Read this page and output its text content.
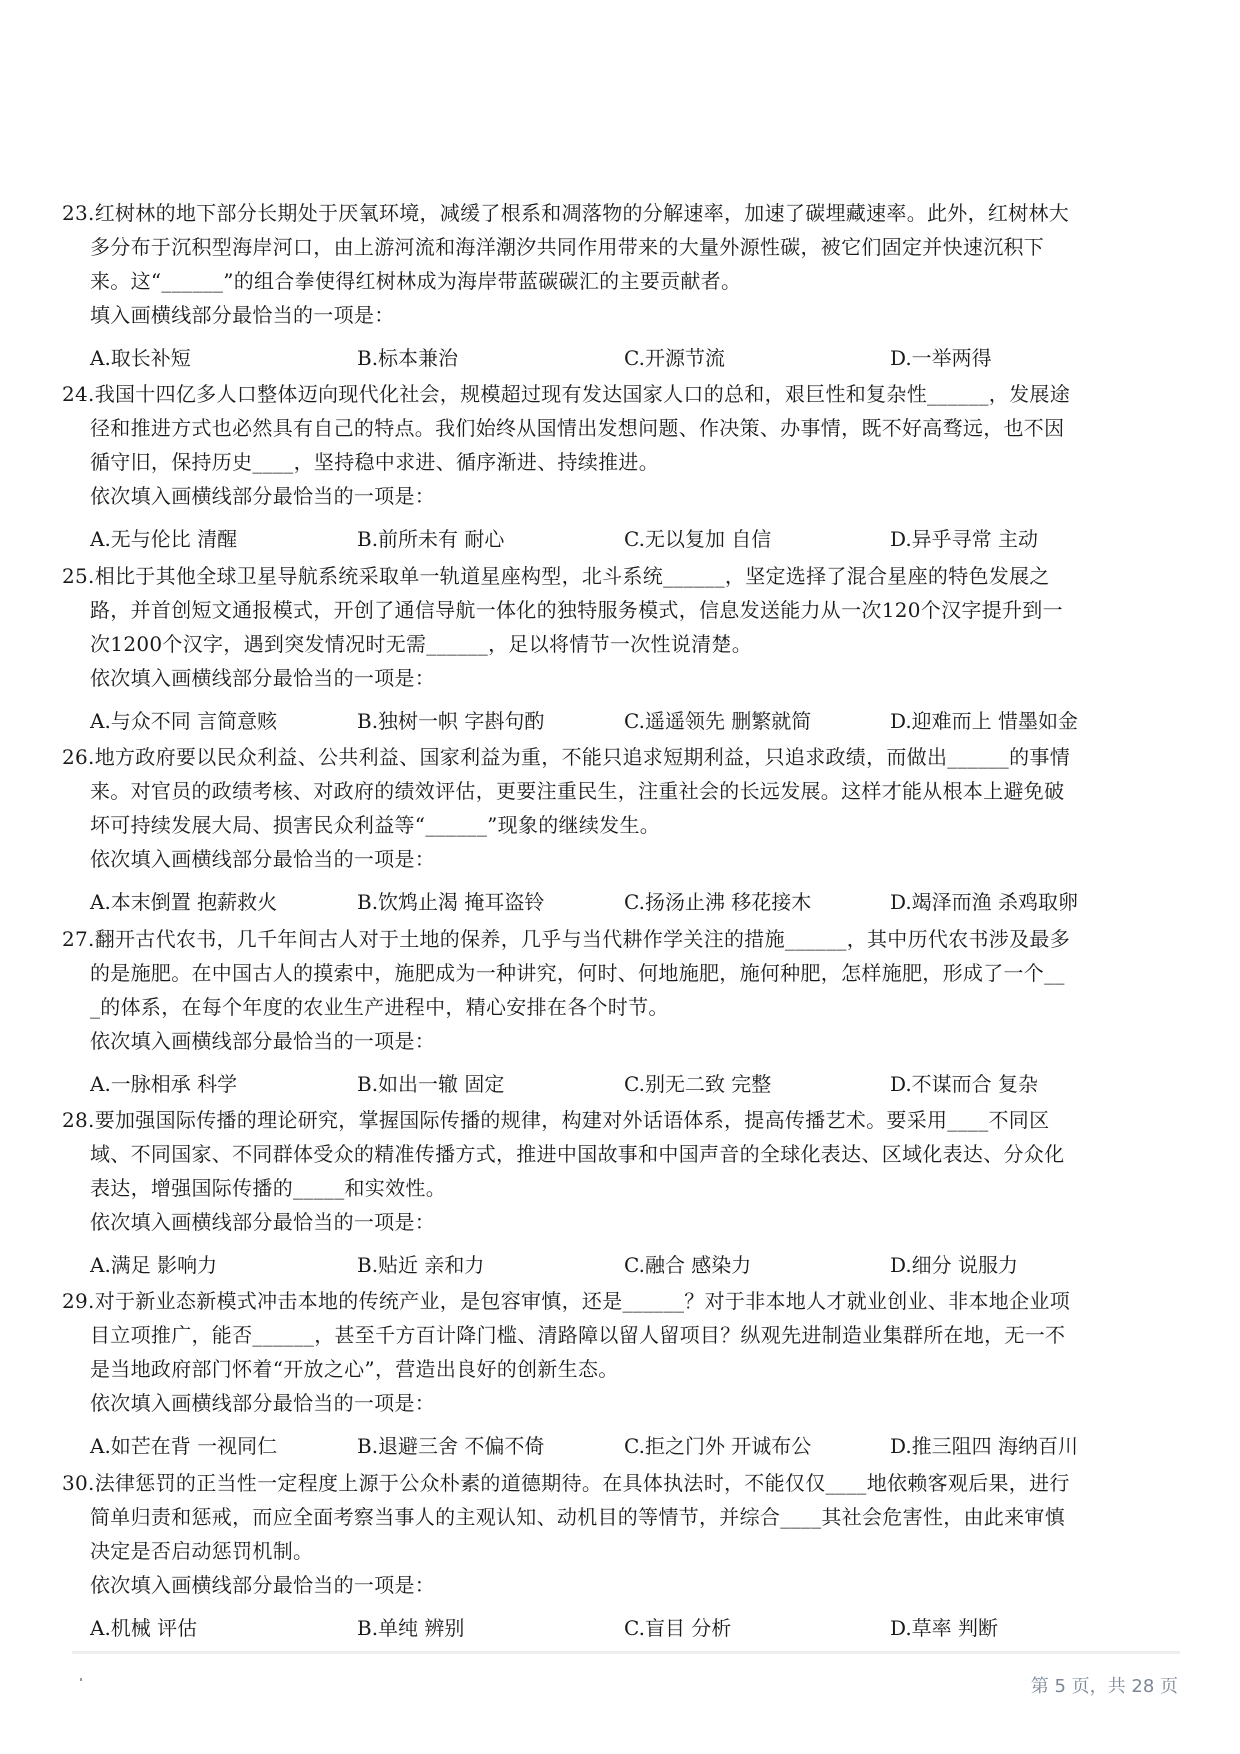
23.红树林的地下部分长期处于厌氧环境，减缓了根系和凋落物的分解速率，加速了碳埋藏速率。此外，红树林大
多分布于沉积型海岸河口，由上游河流和海洋潮汐共同作用带来的大量外源性碳，被它们固定并快速沉积下
来。这“______”的组合拳使得红树林成为海岸带蓝碳碳汇的主要贡献者。
填入画横线部分最恰当的一项是：
A.取长补短	B.标本兼治	C.开源节流	D.一举两得
24.我国十四亿多人口整体迈向现代化社会，规模超过现有发达国家人口的总和，艰巨性和复杂性______，发展途
径和推进方式也必然具有自己的特点。我们始终从国情出发想问题、作决策、办事情，既不好高骛远，也不因
循守旧，保持历史____，坚持稳中求进、循序渐进、持续推进。
依次填入画横线部分最恰当的一项是：
A.无与伦比 清醒	B.前所未有 耐心	C.无以复加 自信	D.异乎寻常 主动
25.相比于其他全球卫星导航系统采取单一轨道星座构型，北斗系统______，坚定选择了混合星座的特色发展之
路，并首创短文通报模式，开创了通信导航一体化的独特服务模式，信息发送能力从一次120个汉字提升到一
次1200个汉字，遇到突发情况时无需______，足以将情节一次性说清楚。
依次填入画横线部分最恰当的一项是：
A.与众不同 言简意赅	B.独树一帜 字斟句酌	C.遥遥领先 删繁就简	D.迎难而上 惜墨如金
26.地方政府要以民众利益、公共利益、国家利益为重，不能只追求短期利益，只追求政绩，而做出______的事情
来。对官员的政绩考核、对政府的绩效评估，更要注重民生，注重社会的长远发展。这样才能从根本上避免破
坏可持续发展大局、损害民众利益等“______”现象的继续发生。
依次填入画横线部分最恰当的一项是：
A.本末倒置 抱薪救火	B.饮鸩止渴 掩耳盗铃	C.扬汤止沸 移花接木	D.竭泽而渔 杀鸡取卵
27.翻开古代农书，几千年间古人对于土地的保养，几乎与当代耕作学关注的措施______，其中历代农书涉及最多
的是施肥。在中国古人的摸索中，施肥成为一种讲究，何时、何地施肥，施何种肥，怎样施肥，形成了一个__
_的体系，在每个年度的农业生产进程中，精心安排在各个时节。
依次填入画横线部分最恰当的一项是：
A.一脉相承 科学	B.如出一辙 固定	C.别无二致 完整	D.不谋而合 复杂
28.要加强国际传播的理论研究，掌握国际传播的规律，构建对外话语体系，提高传播艺术。要采用____不同区
域、不同国家、不同群体受众的精准传播方式，推进中国故事和中国声音的全球化表达、区域化表达、分众化
表达，增强国际传播的_____和实效性。
依次填入画横线部分最恰当的一项是：
A.满足 影响力	B.贴近 亲和力	C.融合 感染力	D.细分 说服力
29.对于新业态新模式冲击本地的传统产业，是包容审慎，还是______？对于非本地人才就业创业、非本地企业项
目立项推广，能否______，甚至千方百计降门槛、清路障以留人留项目？纵观先进制造业集群所在地，无一不
是当地政府部门怀着“开放之心”，营造出良好的创新生态。
依次填入画横线部分最恰当的一项是：
A.如芒在背 一视同仁	B.退避三舍 不偏不倚	C.拒之门外 开诚布公	D.推三阻四 海纳百川
30.法律惩罚的正当性一定程度上源于公众朴素的道德期待。在具体执法时，不能仅仅____地依赖客观后果，进行
简单归责和惩戒，而应全面考察当事人的主观认知、动机目的等情节，并综合____其社会危害性，由此来审慎
决定是否启动惩罚机制。
依次填入画横线部分最恰当的一项是：
A.机械 评估	B.单纯 辨别	C.盲目 分析	D.草率 判断
第 5 页，共 28 页
